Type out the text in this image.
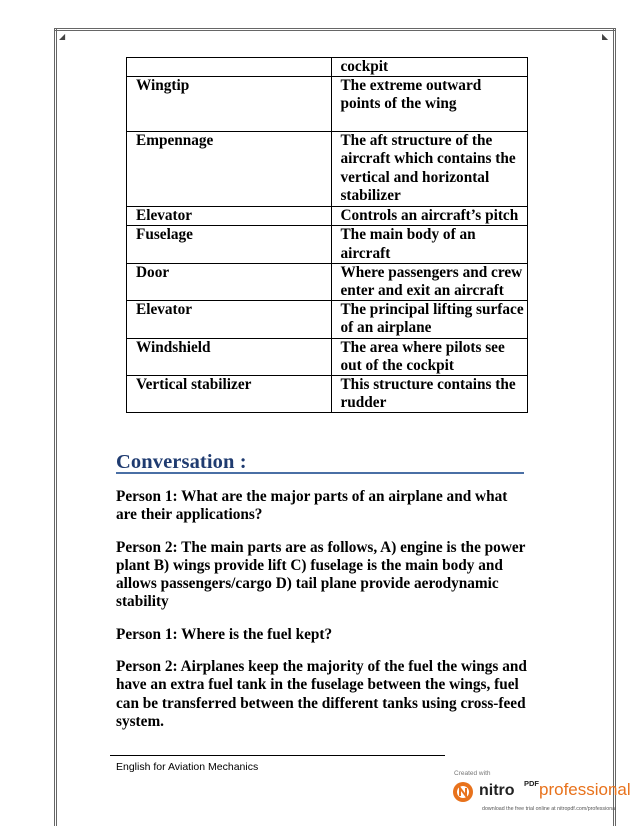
◢	◣
	cockpit
Wingtip	The extreme outward points of the wing
Empennage	The aft structure of the aircraft which contains the vertical and horizontal stabilizer
Elevator	Controls an aircraft’s pitch
Fuselage	The main body of an aircraft
Door	Where passengers and crew enter and exit an aircraft
Elevator	The principal lifting surface of an airplane
Windshield	The area where pilots see out of the cockpit
Vertical stabilizer	This structure contains the rudder
Conversation :

Person 1: What are the major parts of an airplane and what are their applications?

Person 2: The main parts are as follows, A) engine is the power plant B) wings provide lift C) fuselage is the main body and allows passengers/cargo D) tail plane provide aerodynamic stability

Person 1: Where is the fuel kept?

Person 2: Airplanes keep the majority of the fuel the wings and have an extra fuel tank in the fuselage between the wings, fuel can be transferred between the different tanks using cross-feed system.

English for Aviation Mechanics
Created with
nitro PDF professional
download the free trial online at nitropdf.com/professional
